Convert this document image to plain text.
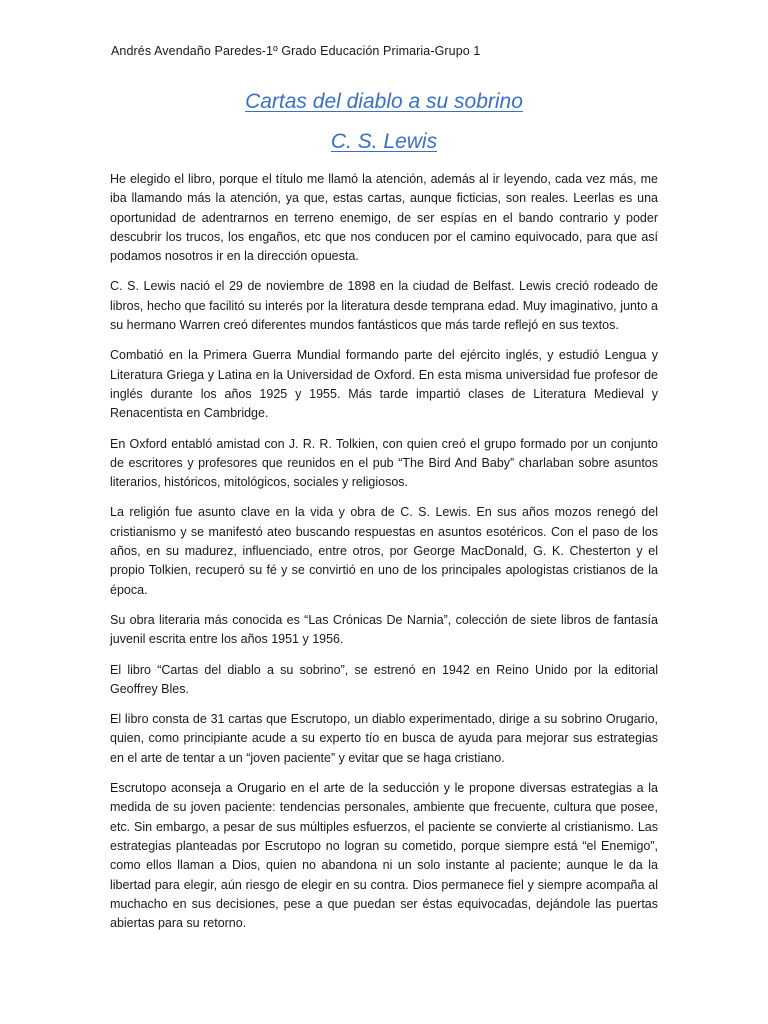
Andrés Avendaño Paredes-1º Grado Educación Primaria-Grupo 1
Cartas del diablo a su sobrino
C. S. Lewis

He elegido el libro, porque el título me llamó la atención, además al ir leyendo, cada vez más, me iba llamando más la atención, ya que, estas cartas, aunque ficticias, son reales. Leerlas es una oportunidad de adentrarnos en terreno enemigo, de ser espías en el bando contrario y poder descubrir los trucos, los engaños, etc que nos conducen por el camino equivocado, para que así podamos nosotros ir en la dirección opuesta.

C. S. Lewis nació el 29 de noviembre de 1898 en la ciudad de Belfast. Lewis creció rodeado de libros, hecho que facilitó su interés por la literatura desde temprana edad. Muy imaginativo, junto a su hermano Warren creó diferentes mundos fantásticos que más tarde reflejó en sus textos.

Combatió en la Primera Guerra Mundial formando parte del ejército inglés, y estudió Lengua y Literatura Griega y Latina en la Universidad de Oxford. En esta misma universidad fue profesor de inglés durante los años 1925 y 1955. Más tarde impartió clases de Literatura Medieval y Renacentista en Cambridge.

En Oxford entabló amistad con J. R. R. Tolkien, con quien creó el grupo formado por un conjunto de escritores y profesores que reunidos en el pub “The Bird And Baby” charlaban sobre asuntos literarios, históricos, mitológicos, sociales y religiosos.

La religión fue asunto clave en la vida y obra de C. S. Lewis. En sus años mozos renegó del cristianismo y se manifestó ateo buscando respuestas en asuntos esotéricos. Con el paso de los años, en su madurez, influenciado, entre otros, por George MacDonald, G. K. Chesterton y el propio Tolkien, recuperó su fé y se convirtió en uno de los principales apologistas cristianos de la época.

Su obra literaria más conocida es “Las Crónicas De Narnia”, colección de siete libros de fantasía juvenil escrita entre los años 1951 y 1956.

El libro “Cartas del diablo a su sobrino”, se estrenó en 1942 en Reino Unido por la editorial Geoffrey Bles.

El libro consta de 31 cartas que Escrutopo, un diablo experimentado, dirige a su sobrino Orugario, quien, como principiante acude a su experto tío en busca de ayuda para mejorar sus estrategias en el arte de tentar a un “joven paciente” y evitar que se haga cristiano.

Escrutopo aconseja a Orugario en el arte de la seducción y le propone diversas estrategias a la medida de su joven paciente: tendencias personales, ambiente que frecuente, cultura que posee, etc. Sin embargo, a pesar de sus múltiples esfuerzos, el paciente se convierte al cristianismo. Las estrategias planteadas por Escrutopo no logran su cometido, porque siempre está “el Enemigo”, como ellos llaman a Dios, quien no abandona ni un solo instante al paciente; aunque le da la libertad para elegir, aún riesgo de elegir en su contra. Dios permanece fiel y siempre acompaña al muchacho en sus decisiones, pese a que puedan ser éstas equivocadas, dejándole las puertas abiertas para su retorno.
